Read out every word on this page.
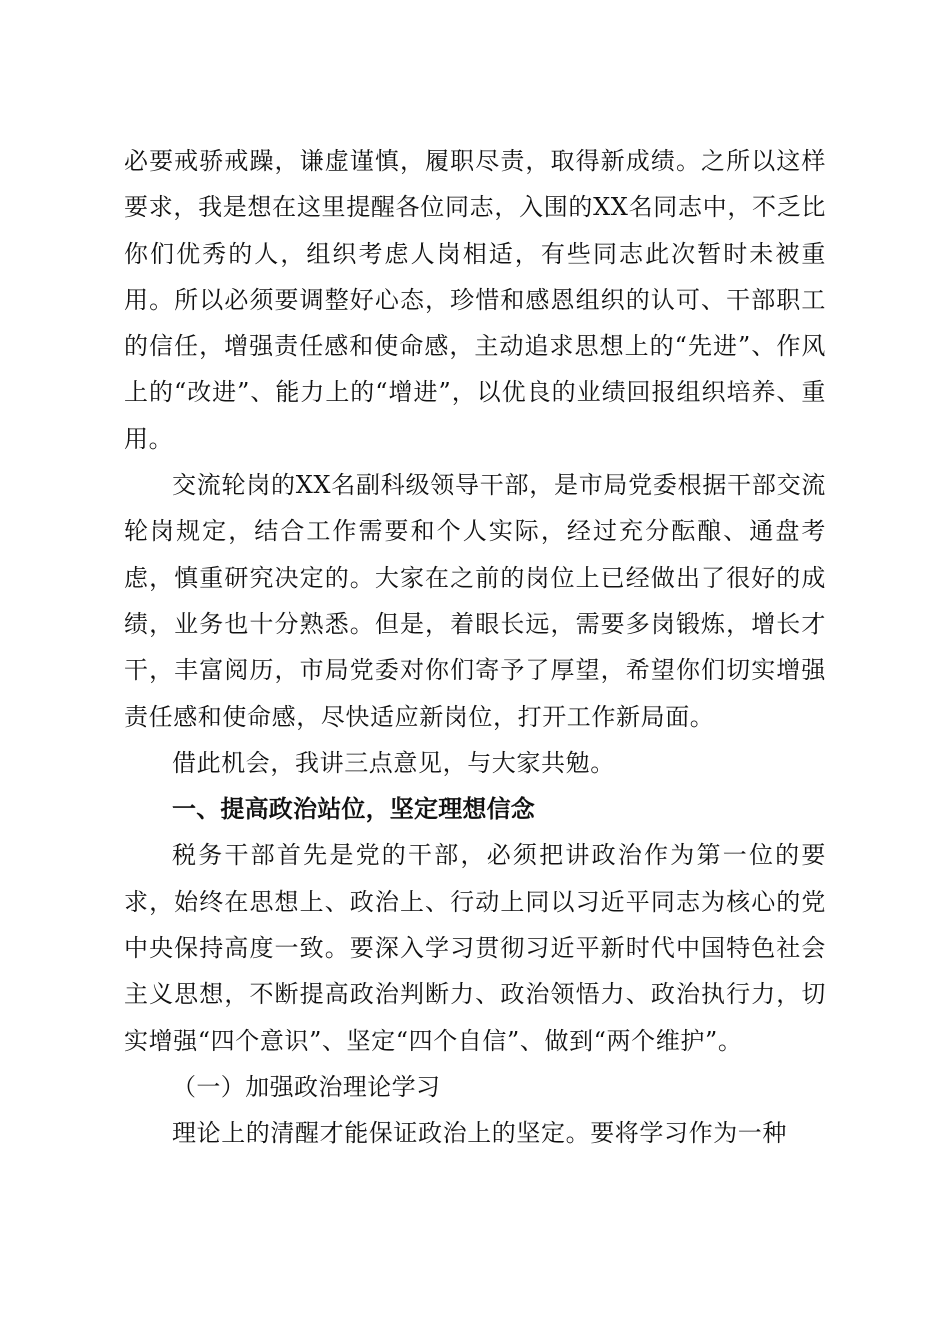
必要戒骄戒躁，谦虚谨慎，履职尽责，取得新成绩。之所以这样要求，我是想在这里提醒各位同志，入围的XX名同志中，不乏比你们优秀的人，组织考虑人岗相适，有些同志此次暂时未被重用。所以必须要调整好心态，珍惜和感恩组织的认可、干部职工的信任，增强责任感和使命感，主动追求思想上的“先进”、作风上的“改进”、能力上的“增进”，以优良的业绩回报组织培养、重用。

交流轮岗的XX名副科级领导干部，是市局党委根据干部交流轮岗规定，结合工作需要和个人实际，经过充分酝酿、通盘考虑，慎重研究决定的。大家在之前的岗位上已经做出了很好的成绩，业务也十分熟悉。但是，着眼长远，需要多岗锻炼，增长才干，丰富阅历，市局党委对你们寄予了厚望，希望你们切实增强责任感和使命感，尽快适应新岗位，打开工作新局面。

借此机会，我讲三点意见，与大家共勉。

一、提高政治站位，坚定理想信念

税务干部首先是党的干部，必须把讲政治作为第一位的要求，始终在思想上、政治上、行动上同以习近平同志为核心的党中央保持高度一致。要深入学习贯彻习近平新时代中国特色社会主义思想，不断提高政治判断力、政治领悟力、政治执行力，切实增强“四个意识”、坚定“四个自信”、做到“两个维护”。

（一）加强政治理论学习

理论上的清醒才能保证政治上的坚定。要将学习作为一种
